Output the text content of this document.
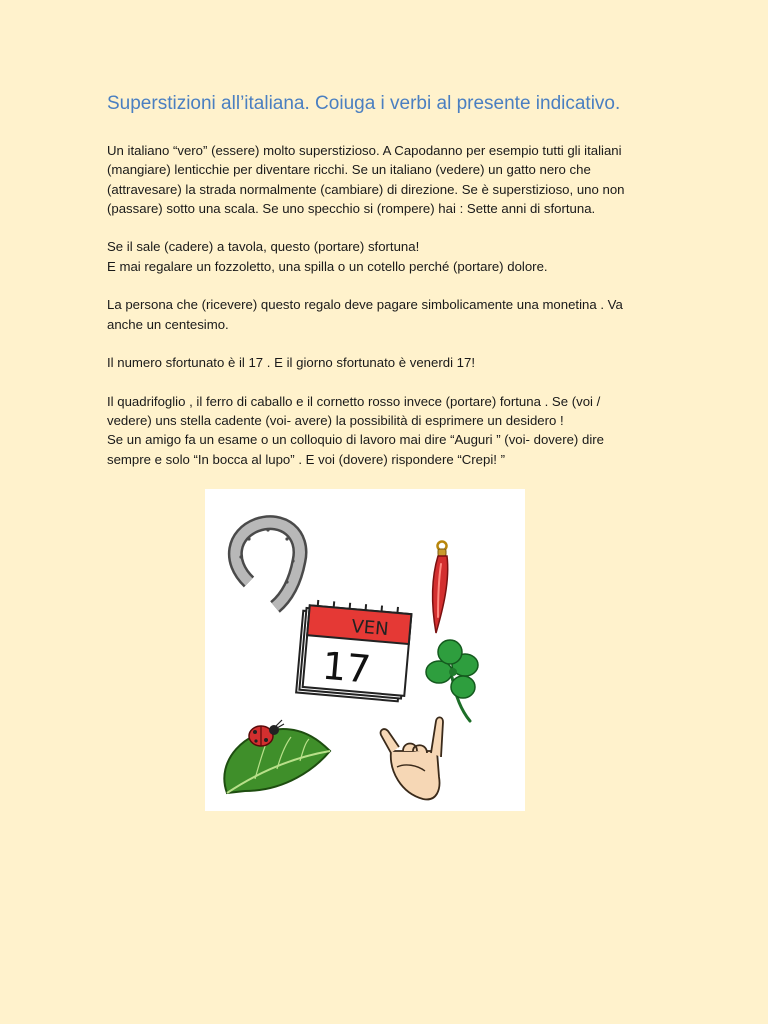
Superstizioni all’italiana. Coiuga i verbi al presente indicativo.

Un italiano “vero” (essere) molto superstizioso. A Capodanno per esempio tutti gli italiani
(mangiare) lenticchie per diventare ricchi. Se un italiano (vedere) un gatto nero che
(attravesare) la strada normalmente (cambiare) di direzione. Se è superstizioso, uno non
(passare) sotto una scala. Se uno specchio si (rompere) hai : Sette anni di sfortuna.

Se il sale (cadere) a tavola, questo (portare) sfortuna!
E mai regalare un fozzoletto, una spilla o un cotello perché (portare) dolore.

La persona che (ricevere) questo regalo deve pagare simbolicamente una monetina . Va
anche un centesimo.

Il numero sfortunato è il 17 . E il giorno sfortunato è venerdi 17!

Il quadrifoglio , il ferro di caballo e il cornetto rosso invece (portare) fortuna . Se (voi /
vedere) uns stella cadente (voi- avere) la possibilità di esprimere un desidero !
Se un amigo fa un esame o un colloquio di lavoro mai dire “Auguri ” (voi- dovere) dire
sempre e solo “In bocca al lupo” . E voi (dovere) rispondere “Crepi! ”

VEN
17
